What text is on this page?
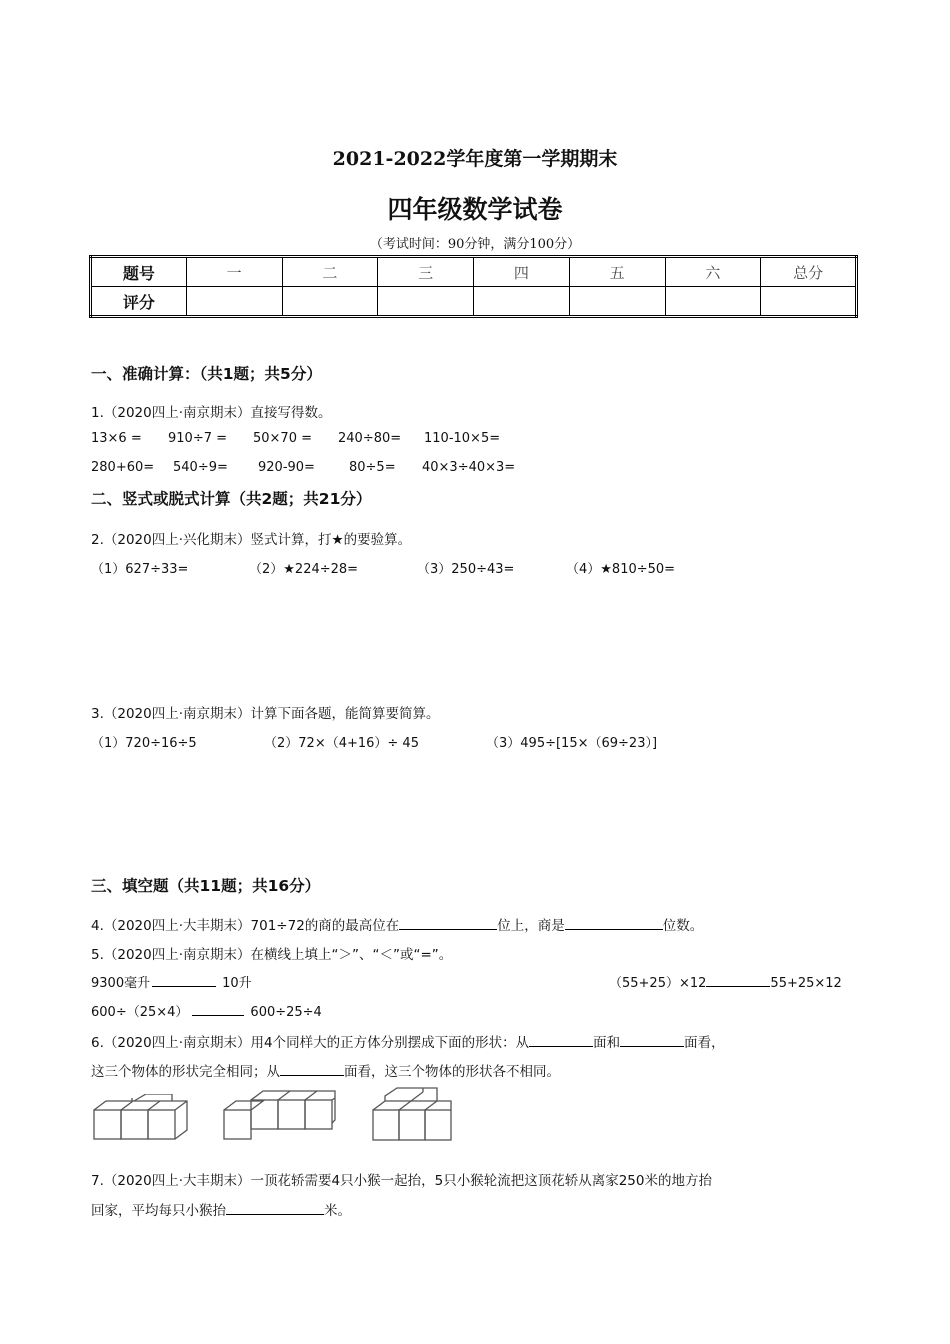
2021-2022学年度第一学期期末
四年级数学试卷
（考试时间：90分钟，满分100分）
题号	一	二	三	四	五	六	总分
评分							
一、准确计算：（共1题；共5分）
1.（2020四上·南京期末）直接写得数。
13×6 = 910÷7 = 50×70 = 240÷80= 110-10×5=
280+60= 540÷9= 920-90=	80÷5= 40×3÷40×3=
二、竖式或脱式计算（共2题；共21分）
2.（2020四上·兴化期末）竖式计算，打★的要验算。
（1）627÷33=	（2）★224÷28=	（3）250÷43=	（4）★810÷50=
3.（2020四上·南京期末）计算下面各题，能简算要简算。
（1）720÷16÷5	（2）72×（4+16）÷ 45	（3）495÷[15×（69÷23）]
三、填空题（共11题；共16分）
4.（2020四上·大丰期末）701÷72的商的最高位在	位上，商是	位数。
5.（2020四上·南京期末）在横线上填上“＞”、“＜”或“=”。
9300毫升	10升	（55+25）×12	55+25×12
600÷（25×4）	600÷25÷4
6.（2020四上·南京期末）用4个同样大的正方体分别摆成下面的形状：从	面和	面看，
这三个物体的形状完全相同；从	面看，这三个物体的形状各不相同。
7.（2020四上·大丰期末）一顶花轿需要4只小猴一起抬，5只小猴轮流把这顶花轿从离家250米的地方抬
回家，平均每只小猴抬	米。
